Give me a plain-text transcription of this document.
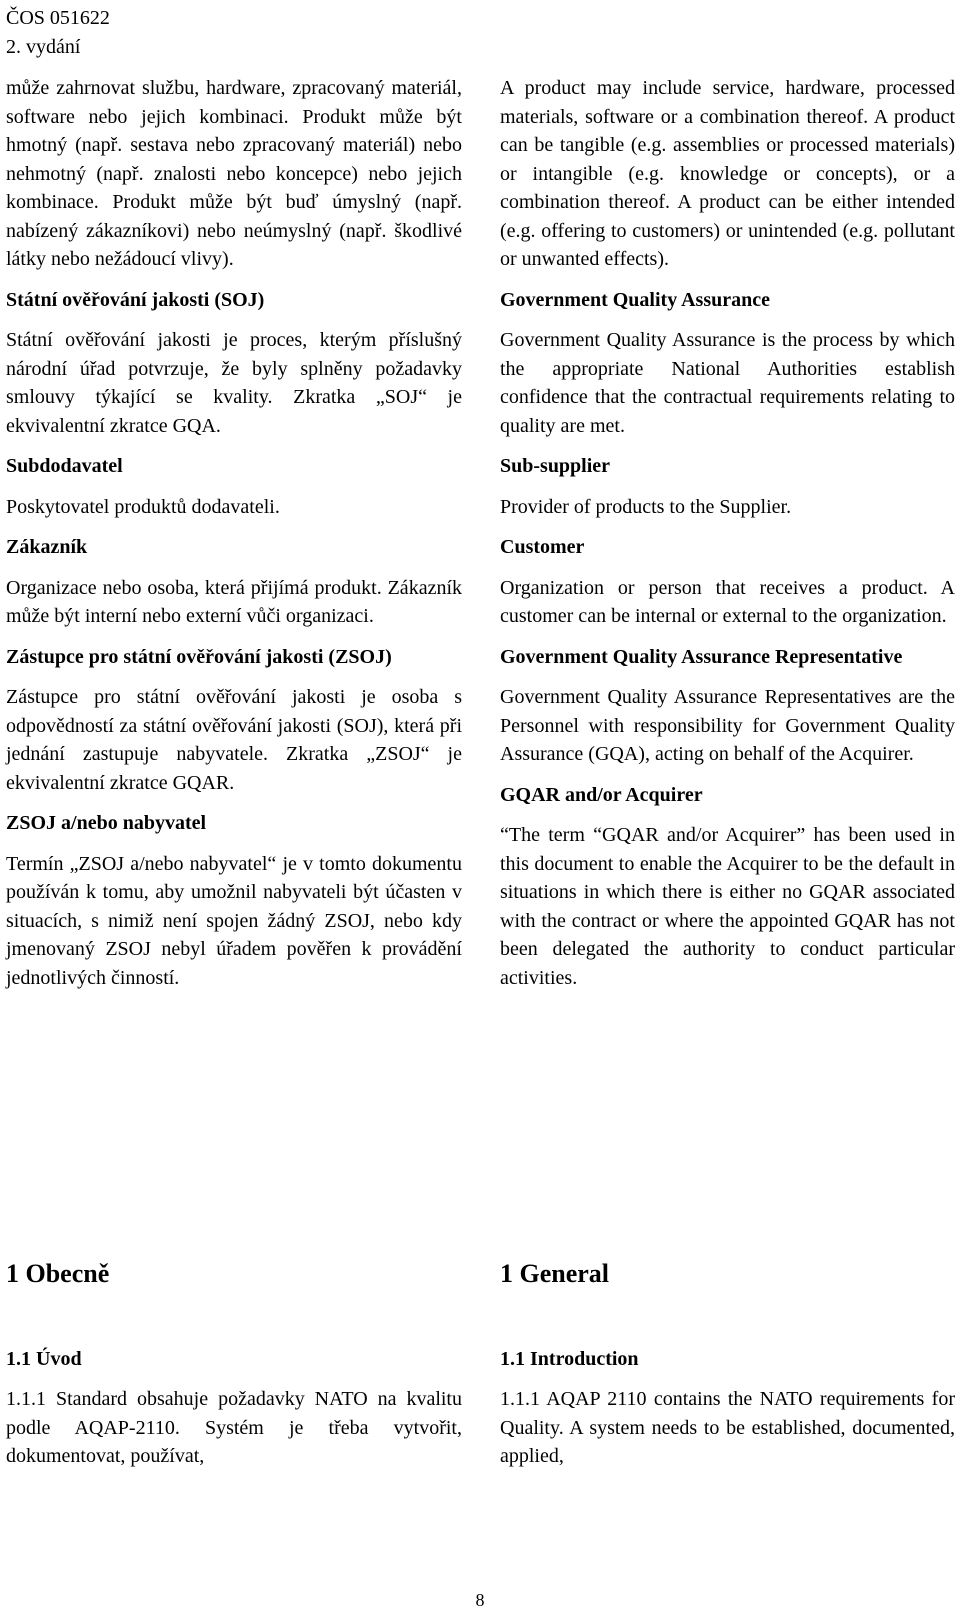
ČOS 051622
2. vydání

může zahrnovat službu, hardware, zpracovaný materiál, software nebo jejich kombinaci. Produkt může být hmotný (např. sestava nebo zpracovaný materiál) nebo nehmotný (např. znalosti nebo koncepce) nebo jejich kombinace. Produkt může být buď úmyslný (např. nabízený zákazníkovi) nebo neúmyslný (např. škodlivé látky nebo nežádoucí vlivy).

Státní ověřování jakosti (SOJ)

Státní ověřování jakosti je proces, kterým příslušný národní úřad potvrzuje, že byly splněny požadavky smlouvy týkající se kvality. Zkratka „SOJ“ je ekvivalentní zkratce GQA.

Subdodavatel

Poskytovatel produktů dodavateli.

Zákazník

Organizace nebo osoba, která přijímá produkt. Zákazník může být interní nebo externí vůči organizaci.

Zástupce pro státní ověřování jakosti (ZSOJ)

Zástupce pro státní ověřování jakosti je osoba s odpovědností za státní ověřování jakosti (SOJ), která při jednání zastupuje nabyvatele. Zkratka „ZSOJ“ je ekvivalentní zkratce GQAR.

ZSOJ a/nebo nabyvatel

Termín „ZSOJ a/nebo nabyvatel“ je v tomto dokumentu používán k tomu, aby umožnil nabyvateli být účasten v situacích, s nimiž není spojen žádný ZSOJ, nebo kdy jmenovaný ZSOJ nebyl úřadem pověřen k provádění jednotlivých činností.

A product may include service, hardware, processed materials, software or a combination thereof. A product can be tangible (e.g. assemblies or processed materials) or intangible (e.g. knowledge or concepts), or a combination thereof. A product can be either intended (e.g. offering to customers) or unintended (e.g. pollutant or unwanted effects).

Government Quality Assurance

Government Quality Assurance is the process by which the appropriate National Authorities establish confidence that the contractual requirements relating to quality are met.

Sub-supplier

Provider of products to the Supplier.

Customer

Organization or person that receives a product. A customer can be internal or external to the organization.

Government Quality Assurance Representative

Government Quality Assurance Representatives are the Personnel with responsibility for Government Quality Assurance (GQA), acting on behalf of the Acquirer.

GQAR and/or Acquirer

“The term “GQAR and/or Acquirer” has been used in this document to enable the Acquirer to be the default in situations in which there is either no GQAR associated with the contract or where the appointed GQAR has not been delegated the authority to conduct particular activities.

1 Obecně	1 General
1.1 Úvod
1.1.1 Standard obsahuje požadavky NATO na kvalitu podle AQAP-2110. Systém je třeba vytvořit, dokumentovat, používat,
1.1 Introduction
1.1.1 AQAP 2110 contains the NATO requirements for Quality. A system needs to be established, documented, applied,
8
